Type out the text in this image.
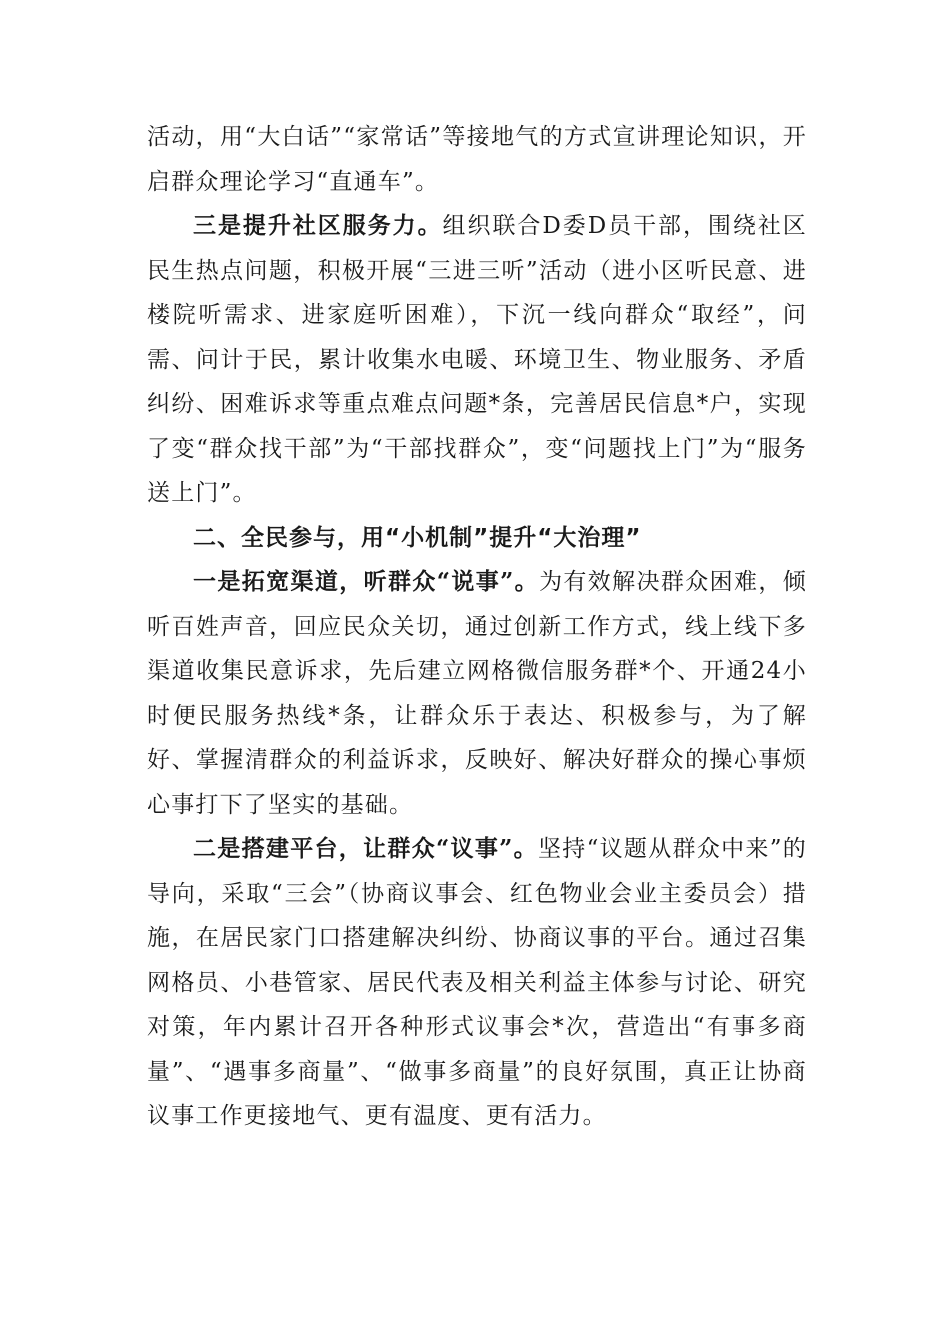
活动，用“大白话”“家常话”等接地气的方式宣讲理论知识，开启群众理论学习“直通车”。

三是提升社区服务力。组织联合D委D员干部，围绕社区民生热点问题，积极开展“三进三听”活动（进小区听民意、进楼院听需求、进家庭听困难），下沉一线向群众“取经”，问需、问计于民，累计收集水电暖、环境卫生、物业服务、矛盾纠纷、困难诉求等重点难点问题*条，完善居民信息*户，实现了变“群众找干部”为“干部找群众”，变“问题找上门”为“服务送上门”。

二、全民参与，用“小机制”提升“大治理”

一是拓宽渠道，听群众“说事”。为有效解决群众困难，倾听百姓声音，回应民众关切，通过创新工作方式，线上线下多渠道收集民意诉求，先后建立网格微信服务群*个、开通24小时便民服务热线*条，让群众乐于表达、积极参与，为了解好、掌握清群众的利益诉求，反映好、解决好群众的操心事烦心事打下了坚实的基础。

二是搭建平台，让群众“议事”。坚持“议题从群众中来”的导向，采取“三会”（协商议事会、红色物业会业主委员会）措施，在居民家门口搭建解决纠纷、协商议事的平台。通过召集网格员、小巷管家、居民代表及相关利益主体参与讨论、研究对策，年内累计召开各种形式议事会*次，营造出“有事多商量”、“遇事多商量”、“做事多商量”的良好氛围，真正让协商议事工作更接地气、更有温度、更有活力。
